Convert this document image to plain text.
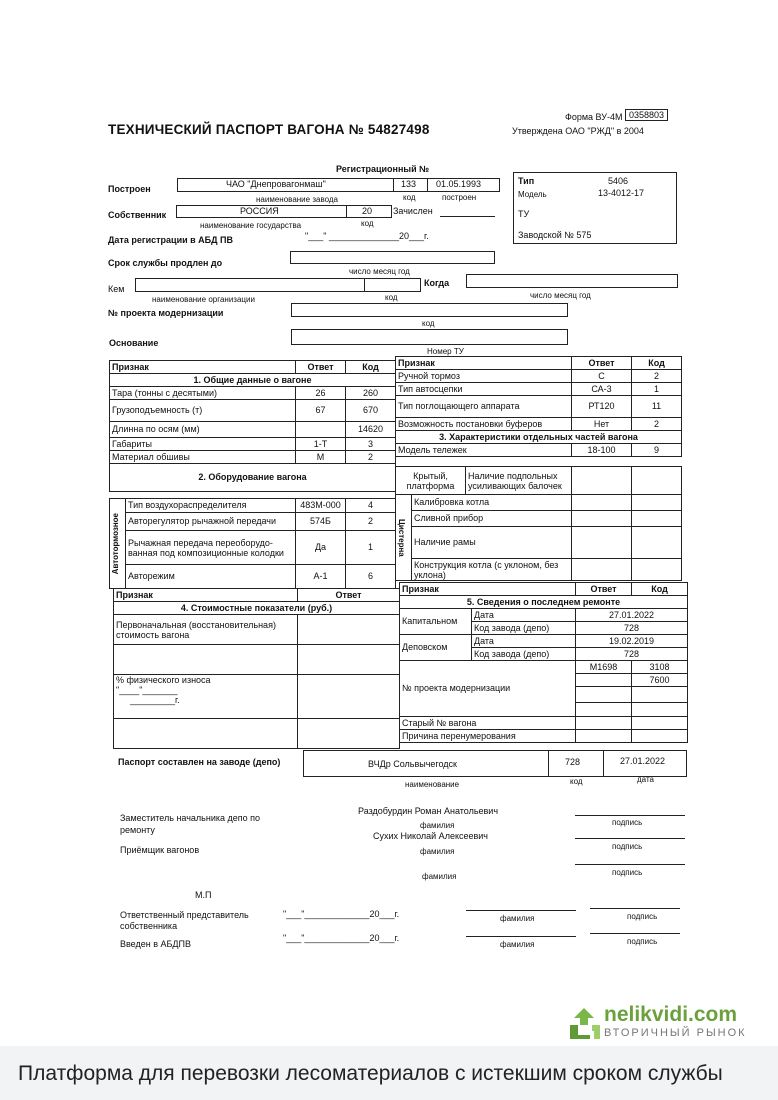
ТЕХНИЧЕСКИЙ ПАСПОРТ ВАГОНА № 54827498
Форма ВУ-4М 0358803
Утверждена ОАО "РЖД" в 2004
Регистрационный №
Построен	ЧАО "Днепровагонмаш"	133 01.05.1993
наименование завода	код	построен
Собственник	РОССИЯ	20 Зачислен
наименование государства	код
Дата регистрации в АБД ПВ	"___" ______________20___г.
Тип	5406
Модель	13-4012-17
ТУ
Заводской № 575
Срок службы продлен до
число месяц год
Кем
Когда
наименование организации	код	число месяц год
№ проекта модернизации
код
Основание
Номер ТУ
Признак	Ответ	Код
1. Общие данные о вагоне		
Тара (тонны с десятыми)	26	260
Грузоподъемность (т)	67	670
Длинна по осям (мм)		14620
Габариты	1-Т	3
Материал обшивы	М	2
2. Оборудование вагона		
Автотормозное	Тип воздухораспределителя	483М-000	4
	Авторегулятор рычажной передачи	574Б	2
	Рычажная передача переоборудо-ванная под композиционные колодки	Да	1
	Авторежим	А-1	6
Признак	Ответ	Код
Ручной тормоз	С	2
Тип автосцепки	СА-3	1
Тип поглощающего аппарата	РТ120	11
Возможность постановки буферов	Нет	2
3. Характеристики отдельных частей вагона		
Модель тележек	18-100	9
Крытый, платформа		Наличие подпольных усиливающих балочек		

Цистерна	Калибровка котла			
	Сливной прибор			
	Наличие рамы			
	Конструкция котла (с уклоном, без уклона)			
Признак	Ответ
4. Стоимостные показатели (руб.)	
Первоначальная (восстановительная) стоимость вагона	

% физического износа
"____"_______
_________г.	

Признак		Ответ	Код
5. Сведения о последнем ремонте			
Капитальном	Дата	27.01.2022	
	Код завода (депо)	728	
Деповском	Дата	19.02.2019	
	Код завода (депо)	728	
№ проекта модернизации		М1698	3108
			7600

Старый № вагона			
Причина перенумерования			
Паспорт составлен на заводе (депо)	ВЧДр Сольвычегодск	728	27.01.2022
наименование	код	дата
Заместитель начальника депо по ремонту
Раздобурдин Роман Анатольевич
фамилия	подпись
Приёмщик вагонов
Сухих Николай Алексеевич
фамилия
подпись
фамилия	подпись
М.П
Ответственный представитель собственника
"___"_____________20___г.	фамилия	подпись
Введен в АБДПВ
"___"_____________20___г.
фамилия	подпись
nelikvidi.com
ВТОРИЧНЫЙ РЫНОК
Платформа для перевозки лесоматериалов с истекшим сроком службы
